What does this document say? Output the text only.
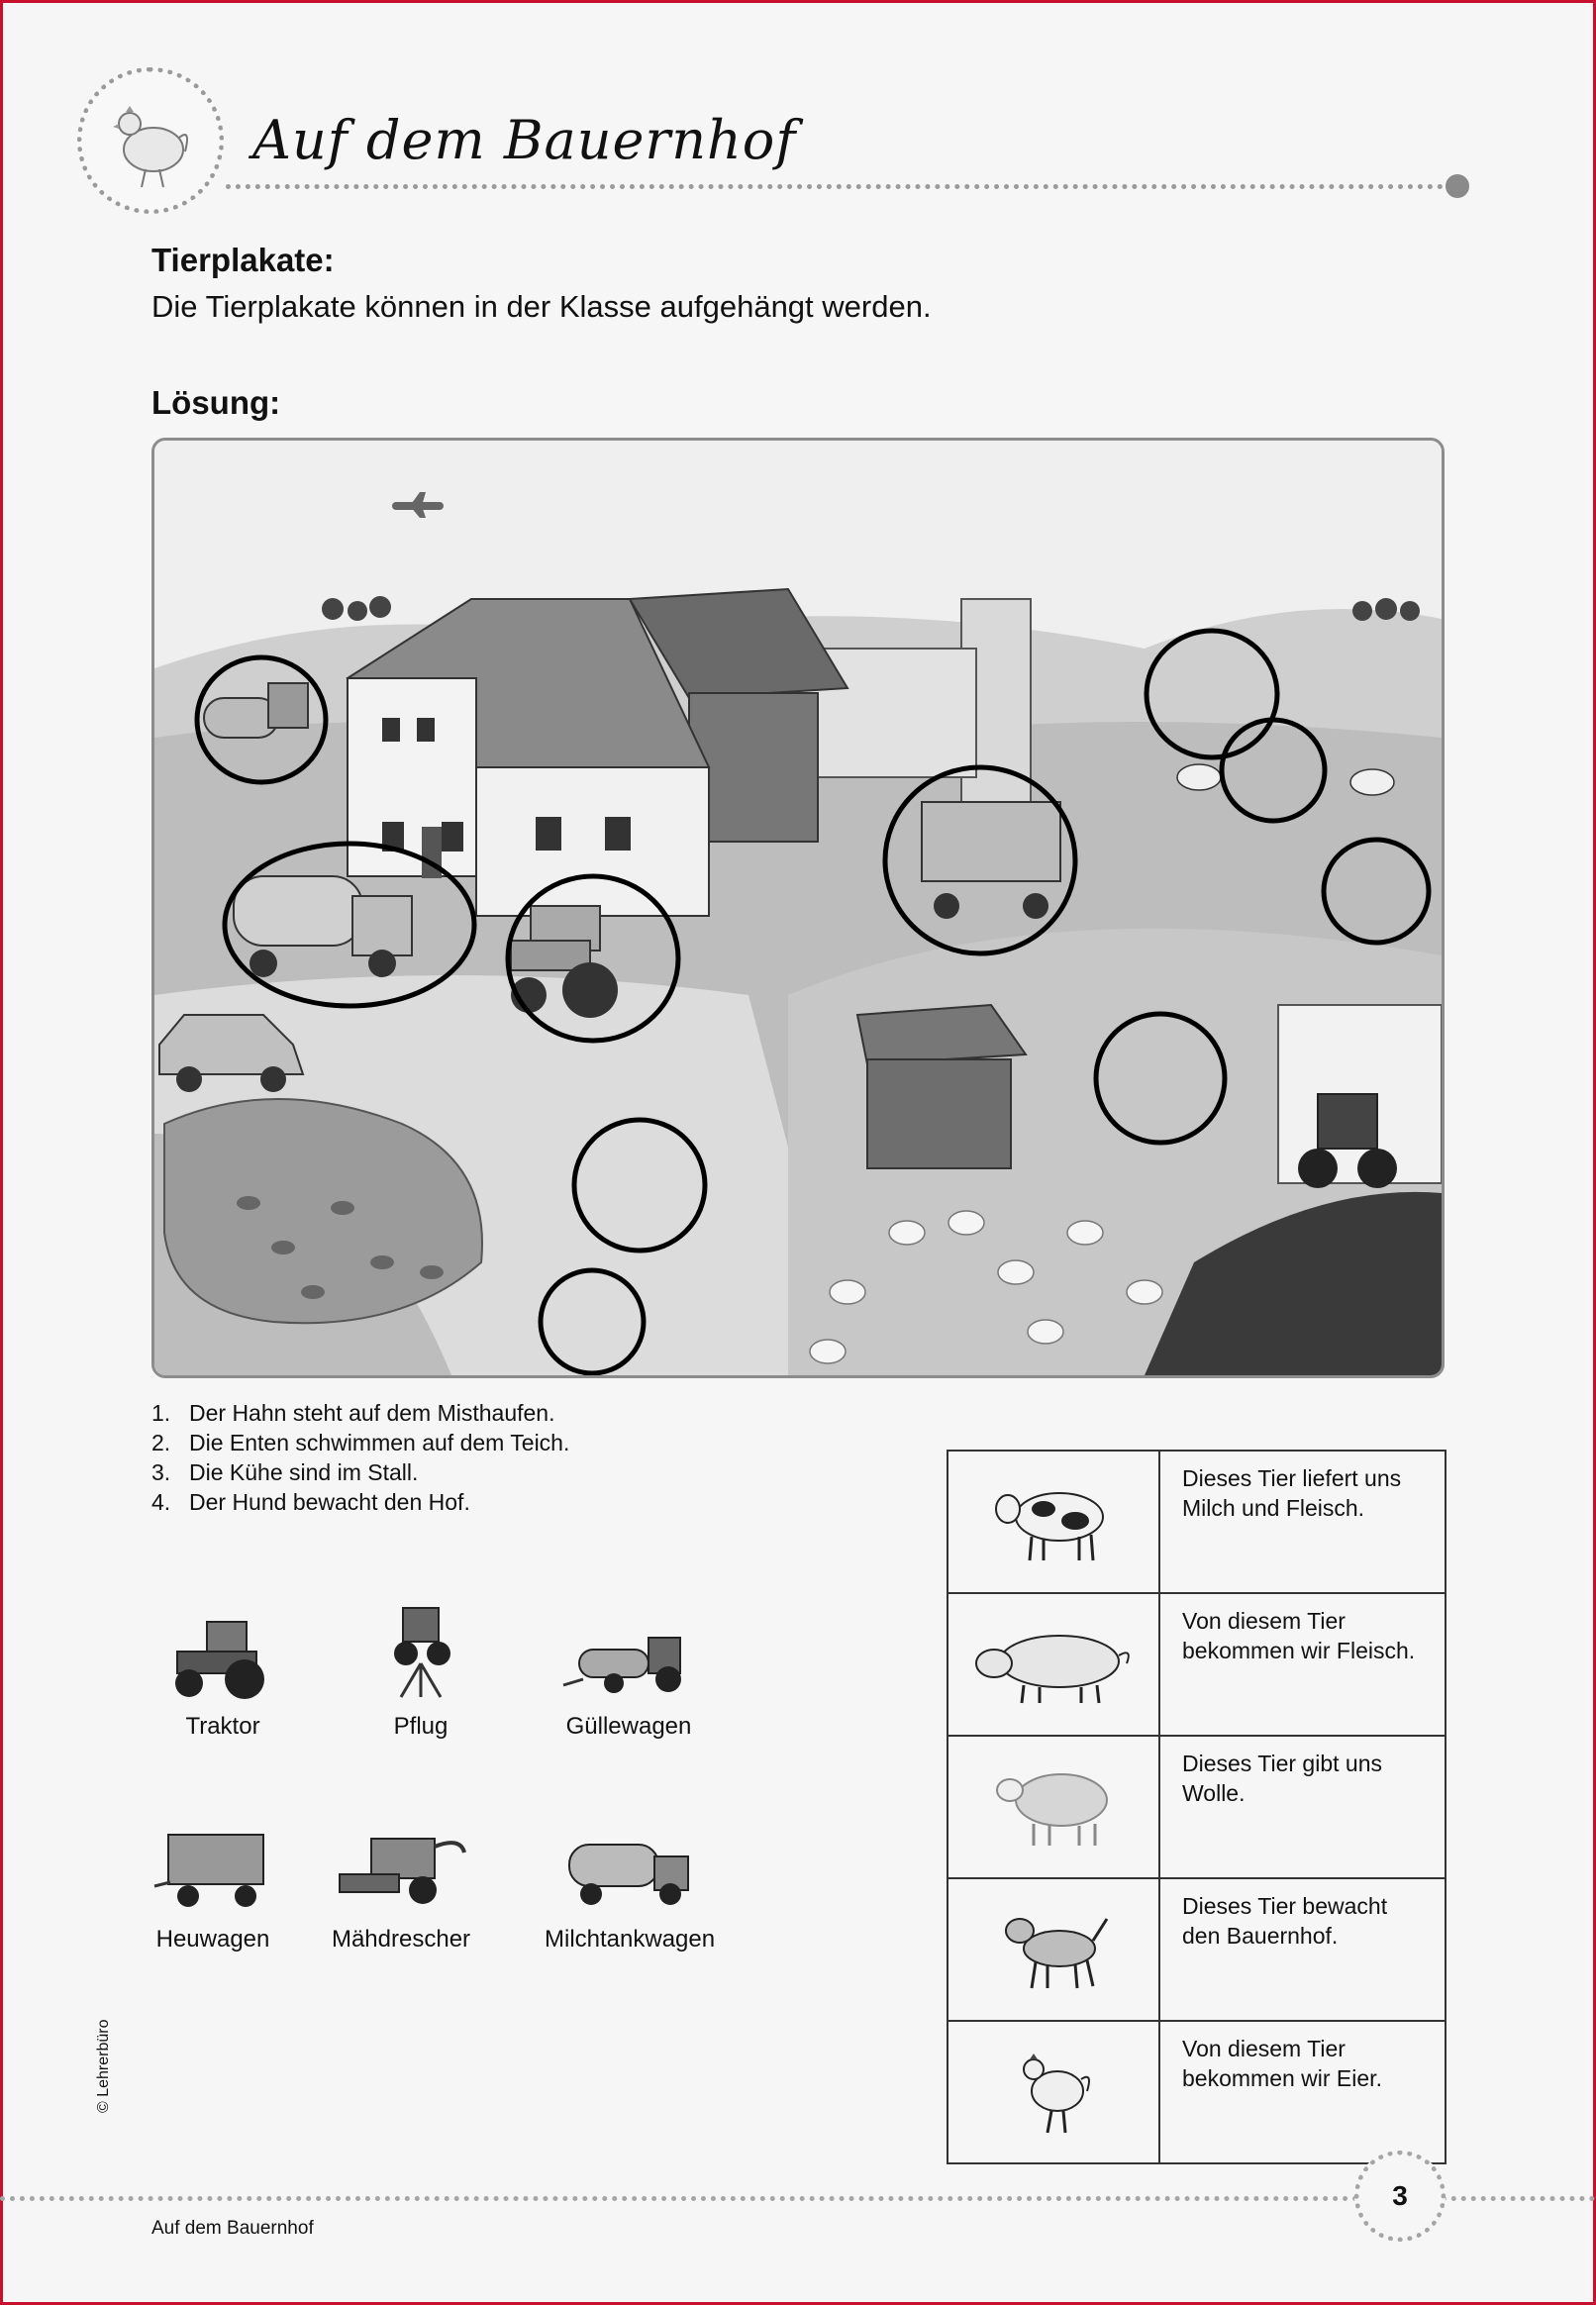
Auf dem Bauernhof
Tierplakate:
Die Tierplakate können in der Klasse aufgehängt werden.
Lösung:
1. Der Hahn steht auf dem Misthaufen.
2. Die Enten schwimmen auf dem Teich.
3. Die Kühe sind im Stall.
4. Der Hund bewacht den Hof.
Traktor	Pflug	Güllewagen
Heuwagen	Mähdrescher	Milchtankwagen
	Dieses Tier liefert uns Milch und Fleisch.
	Von diesem Tier bekommen wir Fleisch.
	Dieses Tier gibt uns Wolle.
	Dieses Tier bewacht den Bauernhof.
	Von diesem Tier bekommen wir Eier.
© Lehrerbüro
3
Auf dem Bauernhof
